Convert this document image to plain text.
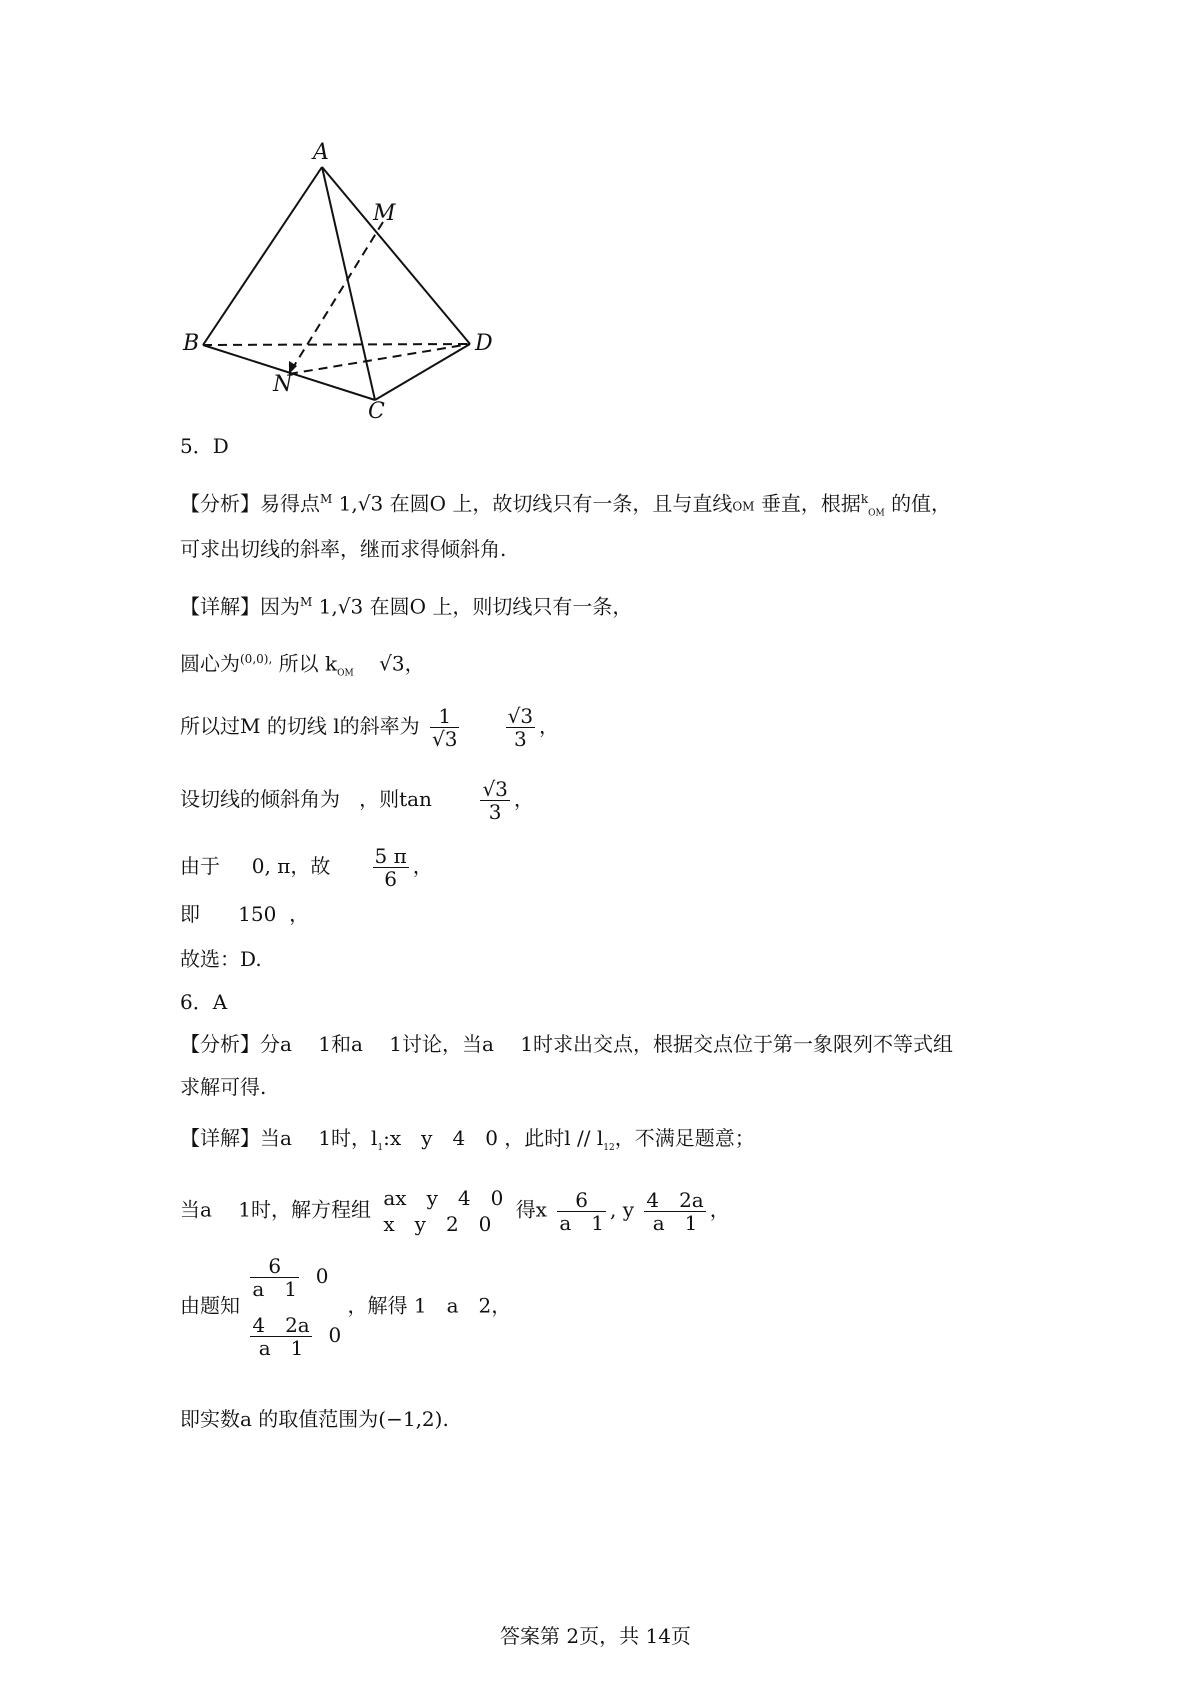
A
M
B	D
N
C
5．D
【分析】易得点$^M$ 1,√3 在圆O 上，故切线只有一条，且与直线OM 垂直，根据$^k_{OM}$ 的值，
可求出切线的斜率，继而求得倾斜角.
【详解】因为$^M$ 1,√3 在圆O 上，则切线只有一条，
圆心为$^{(0,0),}$ 所以 $k_{OM}$ √3，
所以过M 的切线 l的斜率为 $\frac{1}{√3}$
$\frac{√3}{3}$ ，
设切线的倾斜角为 ，则$\tan \frac{√3}{3}$ ，
由于 0, π，故 $\frac{5 \pi}{6}$ ，
即 150 ，
故选：D.
6．A
【分析】分a　 1和a 　1讨论，当a　 1时求出交点，根据交点位于第一象限列不等式组
求解可得.
【详解】当a　 1时，$l_1:x$　y　4　0 ，此时l // $l_{12}$，不满足题意；
当a　 1时，解方程组 ax　y　4　0
x　y　2　0
得x $\frac{6}{a 1}$ , y $\frac{4 2a}{a 1}$ ，
由题知
$\frac{6}{a 1} 0$
$\frac{4 2a}{a 1} 0$
，解得 1　a　2，
即实数a 的取值范围为(−1,2).
答案第 2页，共 14页
